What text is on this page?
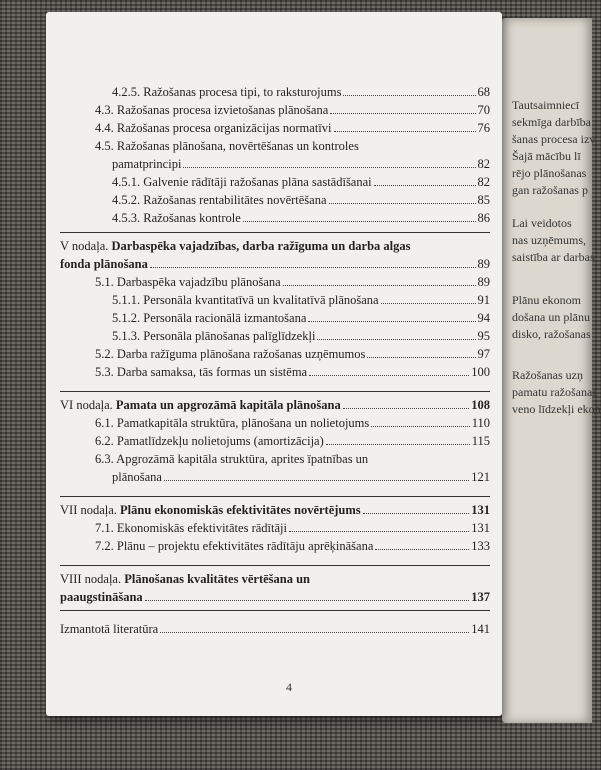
Tautsaimniecī
sekmīga darbība
šanas procesa izv
Šajā mācību lī
rējo plānošanas
gan ražošanas p
Lai veidotos
nas uzņēmums,
saistība ar darbas
Plānu ekonom
došana un plānu
disko, ražošanas
Ražošanas uzņ
pamatu ražošanas
veno līdzekļi ekon
4.2.5. Ražošanas procesa tipi, to raksturojums	68
4.3. Ražošanas procesa izvietošanas plānošana	70
4.4. Ražošanas procesa organizācijas normatīvi	76
4.5. Ražošanas plānošana, novērtēšanas un kontroles
pamatprincipi	82
4.5.1. Galvenie rādītāji ražošanas plāna sastādīšanai	82
4.5.2. Ražošanas rentabilitātes novērtēšana	85
4.5.3. Ražošanas kontrole	86
V nodaļa.
Darbaspēka vajadzības, darba ražīguma un darba algas
fonda plānošana	89
5.1. Darbaspēka vajadzību plānošana	89
5.1.1. Personāla kvantitatīvā un kvalitatīvā plānošana	91
5.1.2. Personāla racionālā izmantošana	94
5.1.3. Personāla plānošanas palīglīdzekļi	95
5.2. Darba ražīguma plānošana ražošanas uzņēmumos	97
5.3. Darba samaksa, tās formas un sistēma	100
VI nodaļa.
Pamata un apgrozāmā kapitāla plānošana	108
6.1. Pamatkapitāla struktūra, plānošana un nolietojums	110
6.2. Pamatlīdzekļu nolietojums (amortizācija)	115
6.3. Apgrozāmā kapitāla struktūra, aprites īpatnības un
plānošana	121
VII nodaļa.
Plānu ekonomiskās efektivitātes novērtējums	131
7.1. Ekonomiskās efektivitātes rādītāji	131
7.2. Plānu – projektu efektivitātes rādītāju aprēķināšana	133
VIII nodaļa.
Plānošanas kvalitātes vērtēšana un
paaugstināšana	137
Izmantotā literatūra	141
4
